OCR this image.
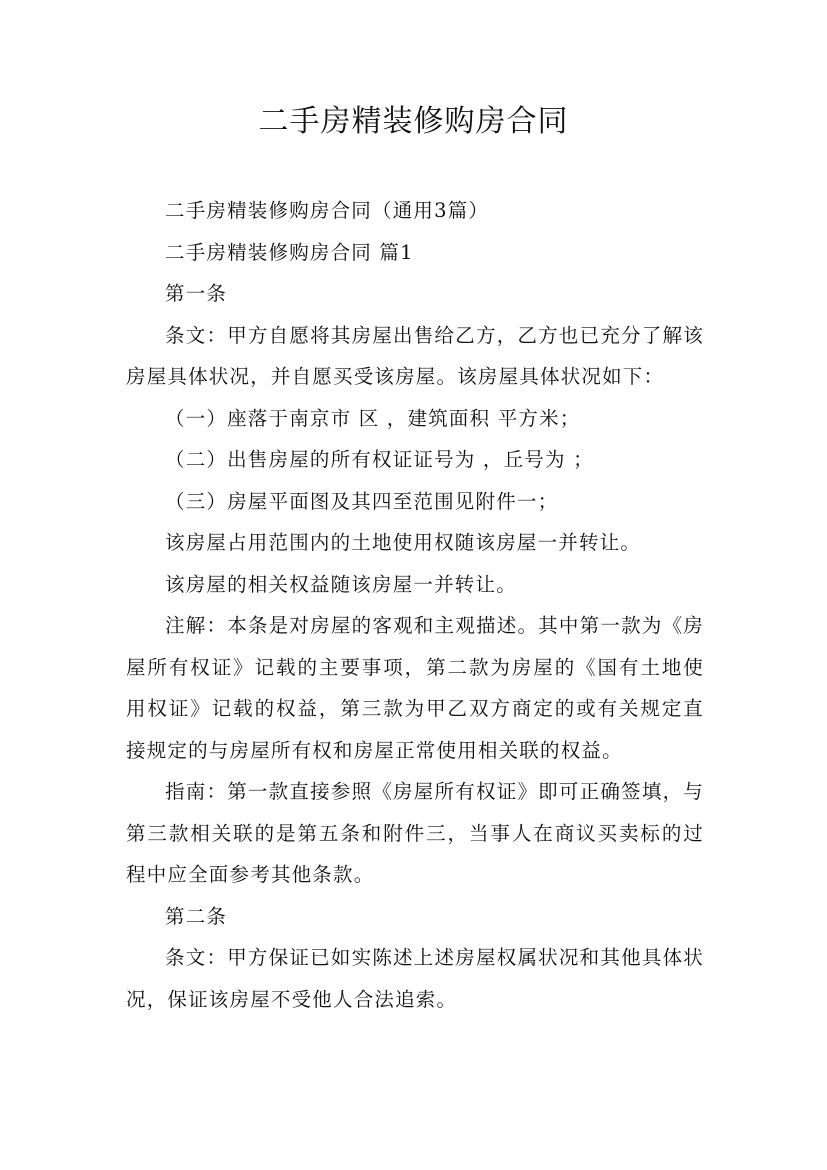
二手房精装修购房合同

二手房精装修购房合同（通用3篇）

二手房精装修购房合同 篇1

第一条

条文：甲方自愿将其房屋出售给乙方，乙方也已充分了解该房屋具体状况，并自愿买受该房屋。该房屋具体状况如下：

（一）座落于南京市 区 ，建筑面积 平方米；

（二）出售房屋的所有权证证号为 ，丘号为 ；

（三）房屋平面图及其四至范围见附件一；

该房屋占用范围内的土地使用权随该房屋一并转让。

该房屋的相关权益随该房屋一并转让。

注解：本条是对房屋的客观和主观描述。其中第一款为《房屋所有权证》记载的主要事项，第二款为房屋的《国有土地使用权证》记载的权益，第三款为甲乙双方商定的或有关规定直接规定的与房屋所有权和房屋正常使用相关联的权益。

指南：第一款直接参照《房屋所有权证》即可正确签填，与第三款相关联的是第五条和附件三，当事人在商议买卖标的过程中应全面参考其他条款。

第二条

条文：甲方保证已如实陈述上述房屋权属状况和其他具体状况，保证该房屋不受他人合法追索。
